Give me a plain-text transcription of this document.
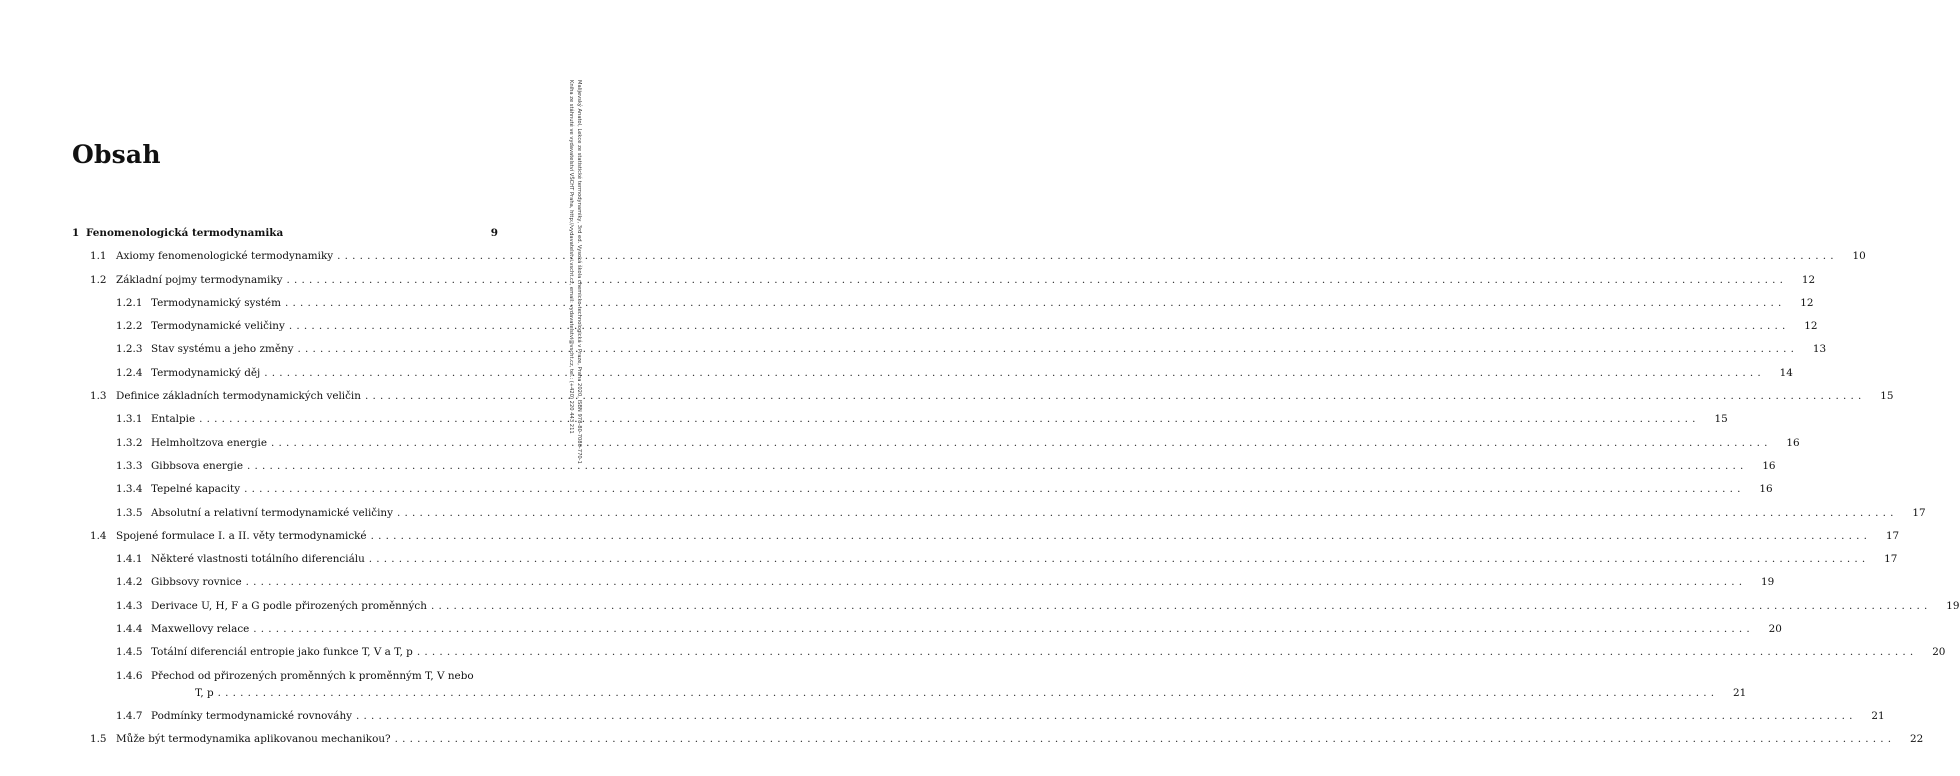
Obsah	Malijevský Anatol, Lekce ze statistické termodynamiky, 3rd ed. Vysoká škola chemicko-technologická v Praze, Praha 2020, ISBN 978-80-7080-770-1
Kniha ze stáhnuté ve vydavatelství VŠCHT Praha, http://vydavatelstvi.vscht.cz, email: vydavatelstvi@vscht.cz, tel.: (+420) 220 443 211
1 Fenomenologická termodynamika	9
1.1 Axiomy fenomenologické termodynamiky ........................................................................................................................................................................................................	10
1.2 Základní pojmy termodynamiky ........................................................................................................................................................................................................	12
1.2.1 Termodynamický systém ........................................................................................................................................................................................................	12
1.2.2 Termodynamické veličiny ........................................................................................................................................................................................................	12
1.2.3 Stav systému a jeho změny ........................................................................................................................................................................................................	13
1.2.4 Termodynamický děj ........................................................................................................................................................................................................	14
1.3 Definice základních termodynamických veličin ........................................................................................................................................................................................................	15
1.3.1 Entalpie ........................................................................................................................................................................................................	15
1.3.2 Helmholtzova energie ........................................................................................................................................................................................................	16
1.3.3 Gibbsova energie ........................................................................................................................................................................................................	16
1.3.4 Tepelné kapacity ........................................................................................................................................................................................................	16
1.3.5 Absolutní a relativní termodynamické veličiny ........................................................................................................................................................................................................	17
1.4 Spojené formulace I. a II. věty termodynamické ........................................................................................................................................................................................................	17
1.4.1 Některé vlastnosti totálního diferenciálu ........................................................................................................................................................................................................	17
1.4.2 Gibbsovy rovnice ........................................................................................................................................................................................................	19
1.4.3 Derivace U, H, F a G podle přirozených proměnných ........................................................................................................................................................................................................	19
1.4.4 Maxwellovy relace ........................................................................................................................................................................................................	20
1.4.5 Totální diferenciál entropie jako funkce T, V a T, p ........................................................................................................................................................................................................	20
1.4.6 Přechod od přirozených proměnných k proměnným T, V nebo
T, p ........................................................................................................................................................................................................	21
1.4.7 Podmínky termodynamické rovnováhy ........................................................................................................................................................................................................	21
1.5 Může být termodynamika aplikovanou mechanikou? ........................................................................................................................................................................................................	22
